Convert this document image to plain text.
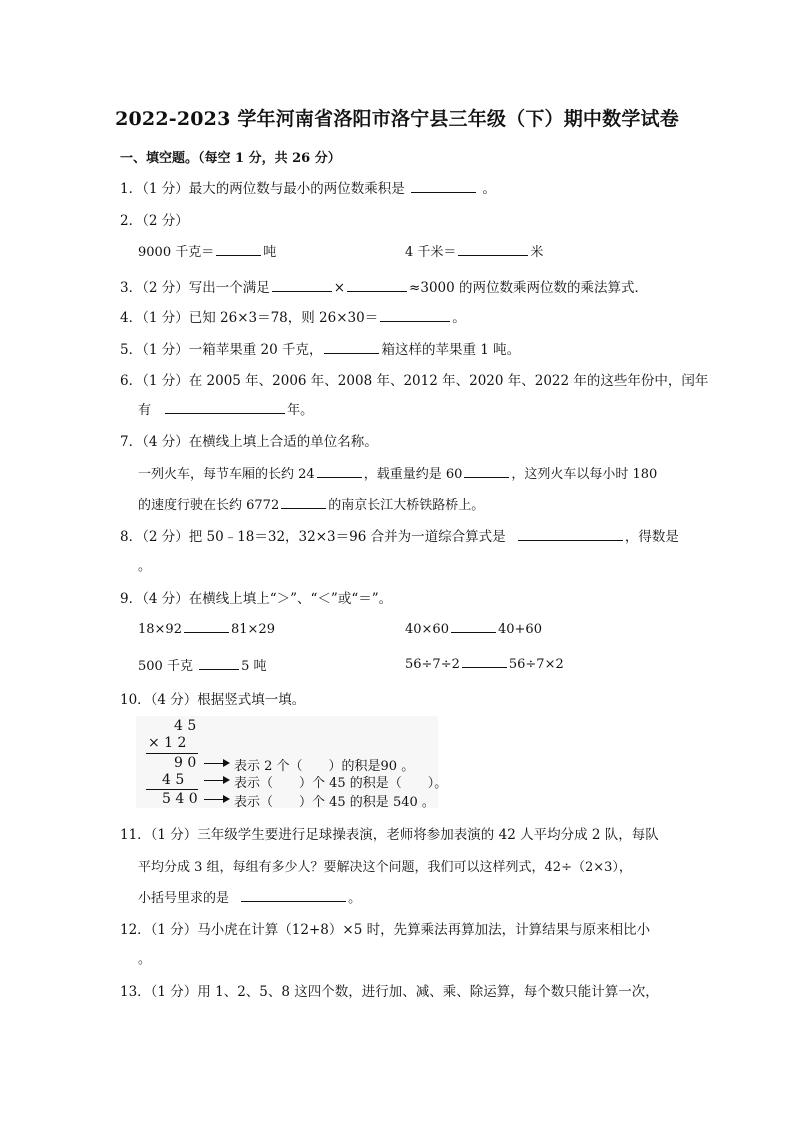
2022-2023 学年河南省洛阳市洛宁县三年级（下）期中数学试卷
一、填空题。（每空 1 分，共 26 分）
1．（1 分）最大的两位数与最小的两位数乘积是	。
2．（2 分）
9000 千克＝	吨	4 千米＝	米
3．（2 分）写出一个满足	×	≈3000 的两位数乘两位数的乘法算式．
4．（1 分）已知 26×3＝78，则 26×30＝	。
5．（1 分）一箱苹果重 20 千克，	箱这样的苹果重 1 吨。
6．（1 分）在 2005 年、2006 年、2008 年、2012 年、2020 年、2022 年的这些年份中，闰年
有	年。
7．（4 分）在横线上填上合适的单位名称。
一列火车，每节车厢的长约 24	，载重量约是 60	，这列火车以每小时 180
的速度行驶在长约 6772	的南京长江大桥铁路桥上。
8．（2 分）把 50﹣18＝32，32×3＝96 合并为一道综合算式是	，得数是
。
9．（4 分）在横线上填上“＞”、“＜”或“＝”。
18×92	81×29	40×60	40+60
500 千克	5 吨	56÷7÷2	56÷7×2
10．（4 分）根据竖式填一填。
4 5
× 1 2
9 0
4 5
5 4 0
表示 2 个（　　）的积是90 。
表示（　　）个 45 的积是（　　）。
表示（　　）个 45 的积是 540 。
11．（1 分）三年级学生要进行足球操表演，老师将参加表演的 42 人平均分成 2 队，每队
平均分成 3 组，每组有多少人？要解决这个问题，我们可以这样列式，42÷（2×3），
小括号里求的是	。
12．（1 分）马小虎在计算（12+8）×5 时，先算乘法再算加法，计算结果与原来相比小
。
13．（1 分）用 1、2、5、8 这四个数，进行加、减、乘、除运算，每个数只能计算一次，
